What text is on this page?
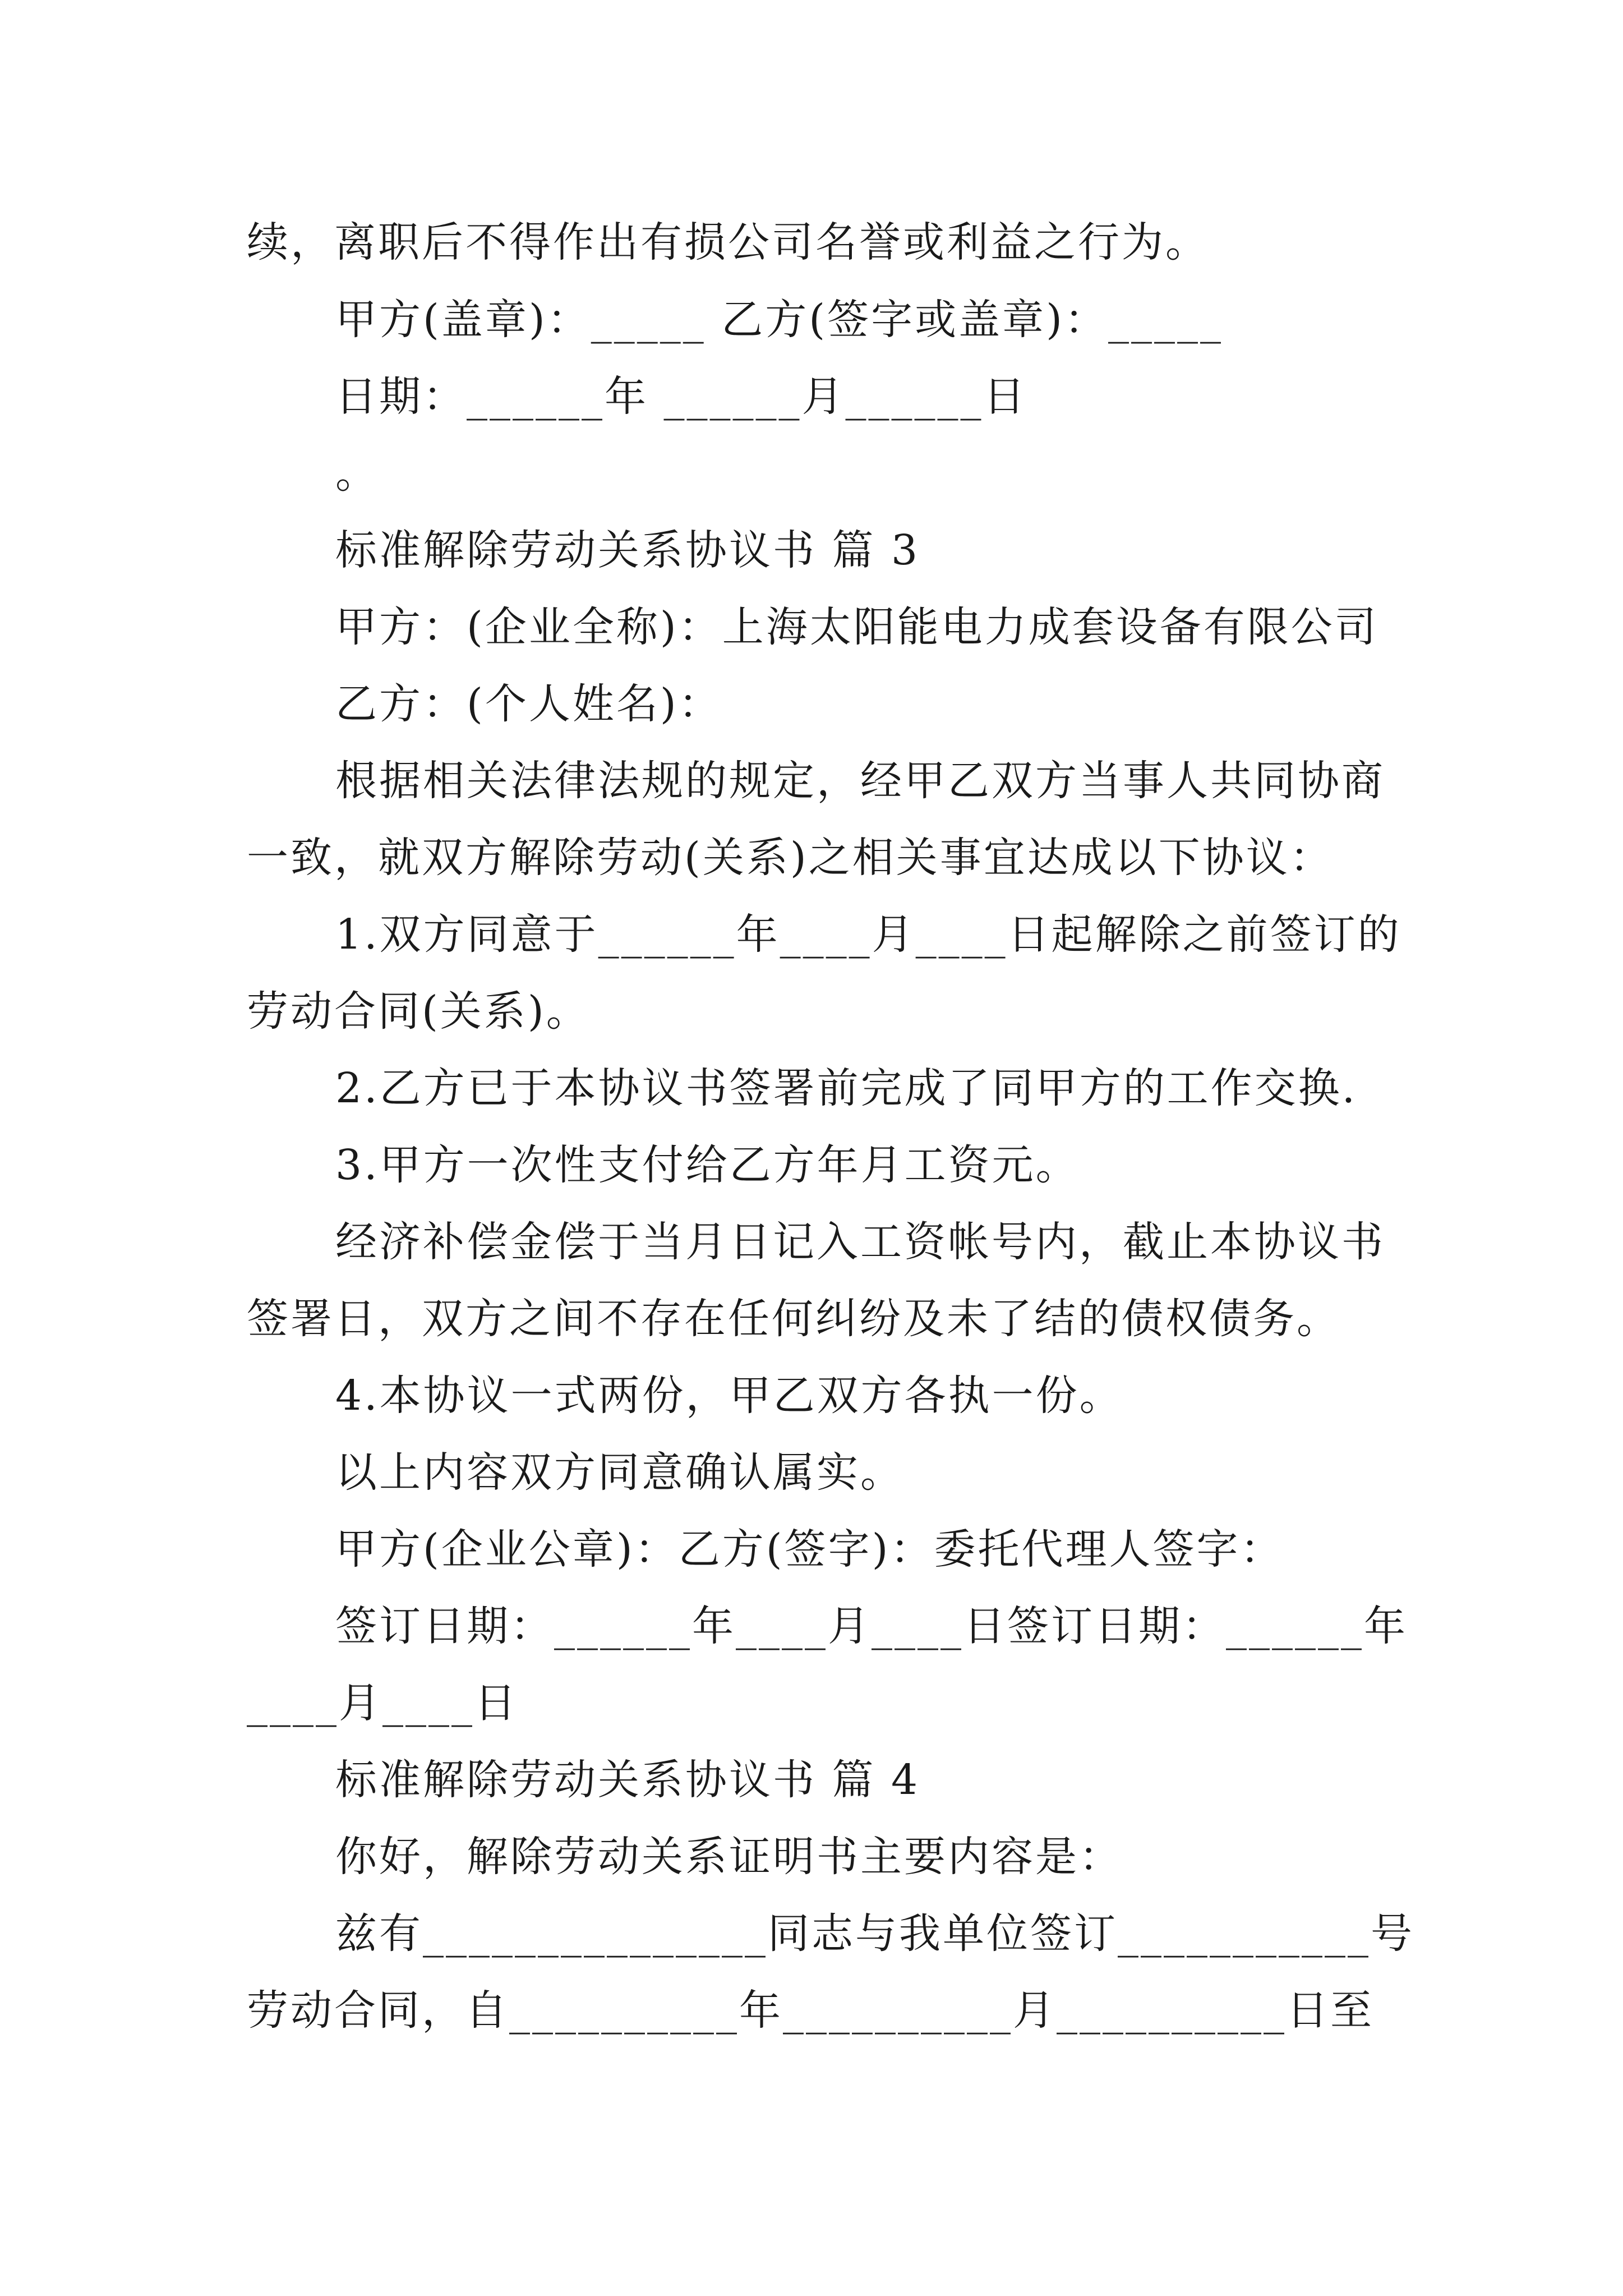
续，离职后不得作出有损公司名誉或利益之行为。
甲方(盖章)：_____ 乙方(签字或盖章)：_____
日期：______年 ______月______日
。
标准解除劳动关系协议书 篇 3
甲方：(企业全称)：上海太阳能电力成套设备有限公司
乙方：(个人姓名)：
根据相关法律法规的规定，经甲乙双方当事人共同协商
一致，就双方解除劳动(关系)之相关事宜达成以下协议：
1.双方同意于______年____月____日起解除之前签订的
劳动合同(关系)。
2.乙方已于本协议书签署前完成了同甲方的工作交换.
3.甲方一次性支付给乙方年月工资元。
经济补偿金偿于当月日记入工资帐号内，截止本协议书
签署日，双方之间不存在任何纠纷及未了结的债权债务。
4.本协议一式两份，甲乙双方各执一份。
以上内容双方同意确认属实。
甲方(企业公章)：乙方(签字)：委托代理人签字：
签订日期：______年____月____日签订日期：______年
____月____日
标准解除劳动关系协议书 篇 4
你好，解除劳动关系证明书主要内容是：
兹有_______________同志与我单位签订___________号
劳动合同，自__________年__________月__________日至
